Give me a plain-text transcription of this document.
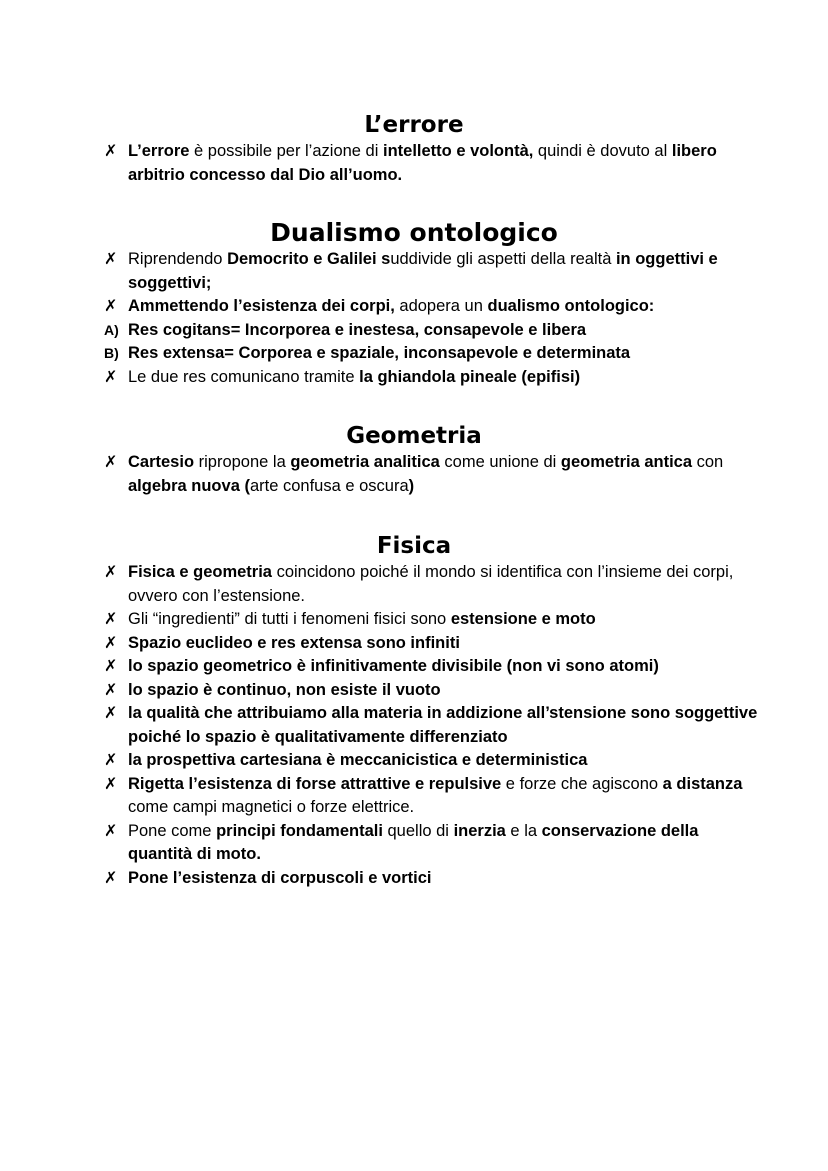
L’errore
✗ L’errore è possibile per l’azione di intelletto e volontà, quindi è dovuto al libero arbitrio concesso dal Dio all’uomo.
Dualismo ontologico
✗ Riprendendo Democrito e Galilei suddivide gli aspetti della realtà in oggettivi e soggettivi;
✗ Ammettendo l’esistenza dei corpi, adopera un dualismo ontologico:
A) Res cogitans= Incorporea e inestesa, consapevole e libera
B) Res extensa= Corporea e spaziale, inconsapevole e determinata
✗ Le due res comunicano tramite la ghiandola pineale (epifisi)
Geometria
✗ Cartesio ripropone la geometria analitica come unione di geometria antica con algebra nuova (arte confusa e oscura)
Fisica
✗ Fisica e geometria coincidono poiché il mondo si identifica con l’insieme dei corpi, ovvero con l’estensione.
✗ Gli “ingredienti” di tutti i fenomeni fisici sono estensione e moto
✗ Spazio euclideo e res extensa sono infiniti
✗ lo spazio geometrico è infinitivamente divisibile (non vi sono atomi)
✗ lo spazio è continuo, non esiste il vuoto
✗ la qualità che attribuiamo alla materia in addizione all’stensione sono soggettive poiché lo spazio è qualitativamente differenziato
✗ la prospettiva cartesiana è meccanicistica e deterministica
✗ Rigetta l’esistenza di forse attrattive e repulsive e forze che agiscono a distanza come campi magnetici o forze elettrice.
✗ Pone come principi fondamentali quello di inerzia e la conservazione della quantità di moto.
✗ Pone l’esistenza di corpuscoli e vortici
